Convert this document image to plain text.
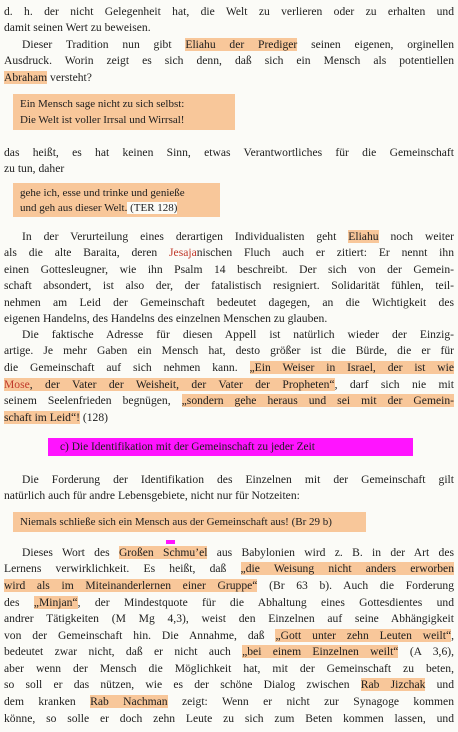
d. h. der nicht Gelegenheit hat, die Welt zu verlieren oder zu erhalten und
damit seinen Wert zu beweisen.
Dieser Tradition nun gibt Eliahu der Prediger seinen eigenen, orginellen
Ausdruck. Worin zeigt es sich denn, daß sich ein Mensch als potentiellen
Abraham versteht?
Ein Mensch sage nicht zu sich selbst:
Die Welt ist voller Irrsal und Wirrsal!
das heißt, es hat keinen Sinn, etwas Verantwortliches für die Gemeinschaft
zu tun, daher
gehe ich, esse und trinke und genieße
und geh aus dieser Welt. (TER 128)
In der Verurteilung eines derartigen Individualisten geht Eliahu noch weiter
als die alte Baraita, deren Jesajanischen Fluch auch er zitiert: Er nennt ihn
einen Gottesleugner, wie ihn Psalm 14 beschreibt. Der sich von der Gemein-
schaft absondert, ist also der, der fatalistisch resigniert. Solidarität fühlen, teil-
nehmen am Leid der Gemeinschaft bedeutet dagegen, an die Wichtigkeit des
eigenen Handelns, des Handelns des einzelnen Menschen zu glauben.
Die faktische Adresse für diesen Appell ist natürlich wieder der Einzig-
artige. Je mehr Gaben ein Mensch hat, desto größer ist die Bürde, die er für
die Gemeinschaft auf sich nehmen kann. „Ein Weiser in Israel, der ist wie
Mose, der Vater der Weisheit, der Vater der Propheten“, darf sich nie mit
seinem Seelenfrieden begnügen, „sondern gehe heraus und sei mit der Gemein-
schaft im Leid“! (128)
c) Die Identifikation mit der Gemeinschaft zu jeder Zeit
Die Forderung der Identifikation des Einzelnen mit der Gemeinschaft gilt
natürlich auch für andre Lebensgebiete, nicht nur für Notzeiten:
Niemals schließe sich ein Mensch aus der Gemeinschaft aus! (Br 29 b)
Dieses Wort des Großen Schmu’el aus Babylonien wird z. B. in der Art des
Lernens verwirklichkeit. Es heißt, daß „die Weisung nicht anders erworben
wird als im Miteinanderlernen einer Gruppe“ (Br 63 b). Auch die Forderung
des „Minjan“, der Mindestquote für die Abhaltung eines Gottesdientes und
andrer Tätigkeiten (M Mg 4,3), weist den Einzelnen auf seine Abhängigkeit
von der Gemeinschaft hin. Die Annahme, daß „Gott unter zehn Leuten weilt“,
bedeutet zwar nicht, daß er nicht auch „bei einem Einzelnen weilt“ (A 3,6),
aber wenn der Mensch die Möglichkeit hat, mit der Gemeinschaft zu beten,
so soll er das nützen, wie es der schöne Dialog zwischen Rab Jizchak und
dem kranken Rab Nachman zeigt: Wenn er nicht zur Synagoge kommen
könne, so solle er doch zehn Leute zu sich zum Beten kommen lassen, und
